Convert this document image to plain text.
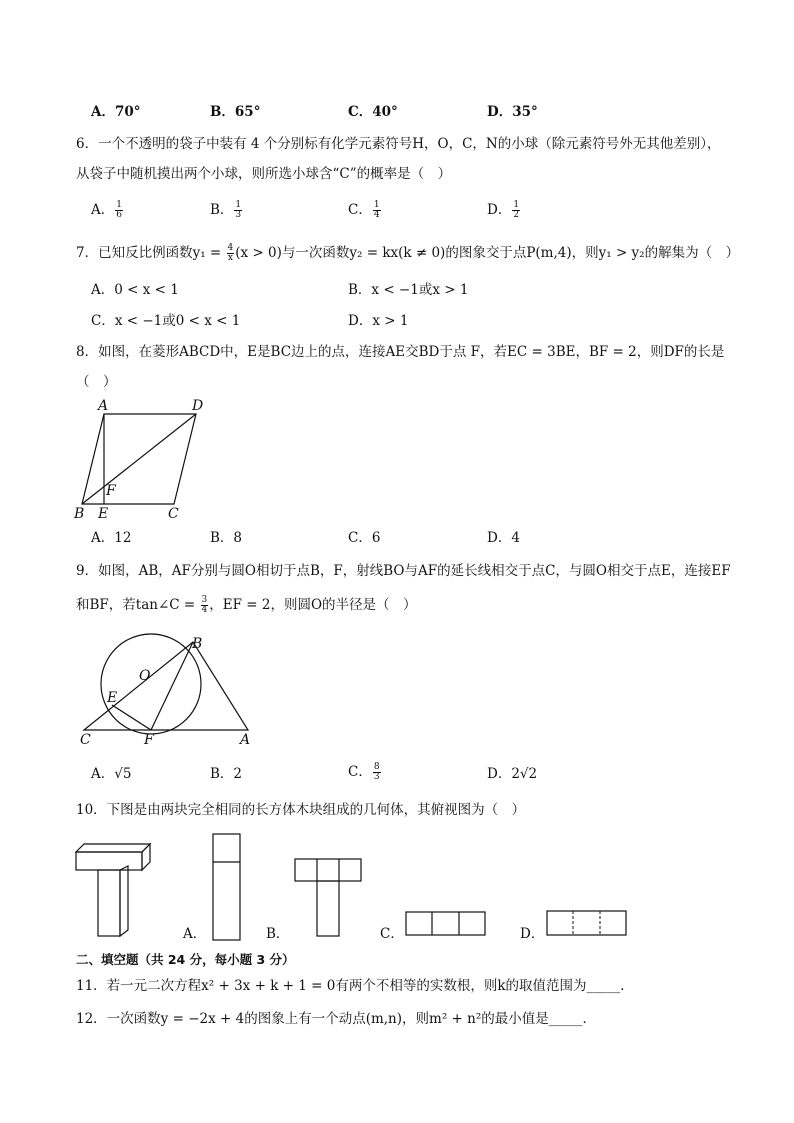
A．70°	B．65°	C．40°	D．35°
6．一个不透明的袋子中装有 4 个分别标有化学元素符号H，O，C，N的小球（除元素符号外无其他差别），
从袋子中随机摸出两个小球，则所选小球含“C”的概率是（　）
A． $\frac{1}{6}$	B． $\frac{1}{3}$	C． $\frac{1}{4}$	D． $\frac{1}{2}$
7．已知反比例函数$y_1 = \frac{4}{x} (x > 0)$与一次函数y₂ = kx(k ≠ 0)的图象交于点P(m,4)，则y₁ > y₂的解集为（　）
A．0 < x < 1	B．x < −1或x > 1
C．x < −1或0 < x < 1	D．x > 1
8．如图，在菱形ABCD中，E是BC边上的点，连接AE交BD于点 F，若EC = 3BE，BF = 2，则DF的长是
（　）
A	D
F
B E	C
A．12	B．8	C．6	D．4
9．如图，AB，AF分别与圆O相切于点B，F，射线BO与AF的延长线相交于点C，与圆O相交于点E，连接EF
和BF，若tan∠C = $\frac{3}{4}$ ，EF = 2，则圆O的半径是（　）
B
O
E
C	F	A
A．√5	B．2	C． $\frac{8}{3}$	D．2√2
10．下图是由两块完全相同的长方体木块组成的几何体，其俯视图为（　）
A．	B．	C．	D．
二、填空题（共 24 分，每小题 3 分）
11．若一元二次方程x² + 3x + k + 1 = 0有两个不相等的实数根，则k的取值范围为_____．
12．一次函数y = −2x + 4的图象上有一个动点(m,n)，则m² + n²的最小值是_____．
